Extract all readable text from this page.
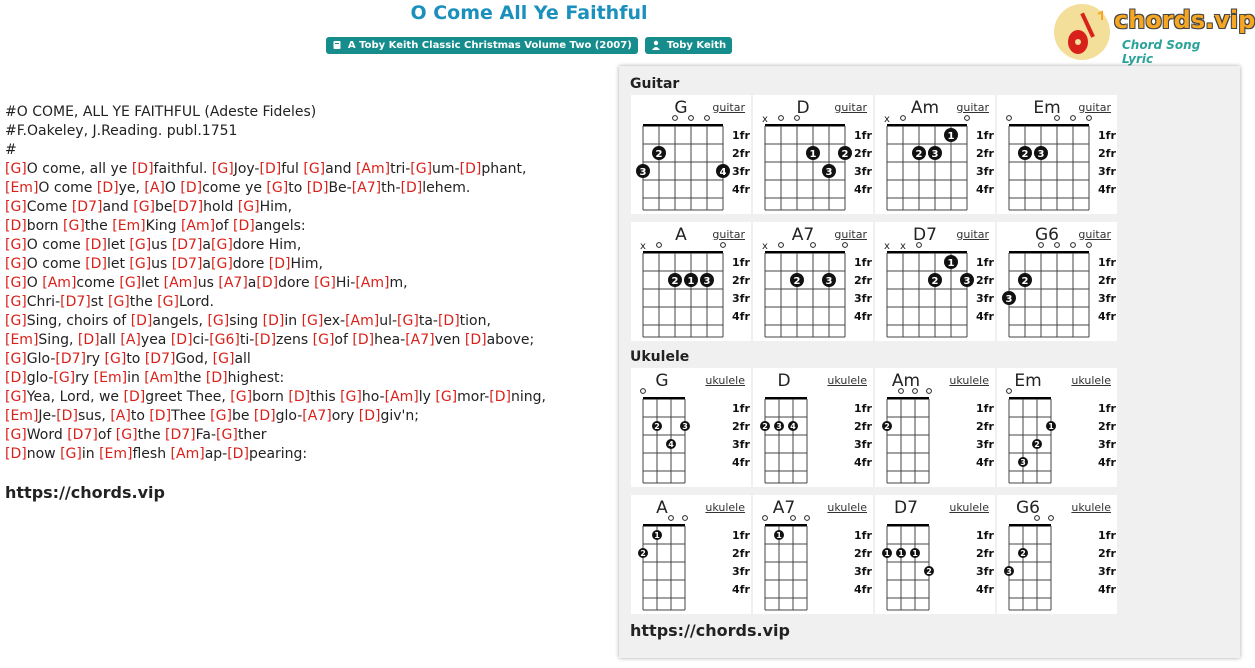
O Come All Ye Faithful
A Toby Keith Classic Christmas Volume Two (2007)
	Toby Keith
chords.vip
Chord Song Lyric
#O COME, ALL YE FAITHFUL (Adeste Fideles)
#F.Oakeley, J.Reading. publ.1751
#
[G]O come, all ye [D]faithful. [G]Joy-[D]ful [G]and [Am]tri-[G]um-[D]phant,
[Em]O come [D]ye, [A]O [D]come ye [G]to [D]Be-[A7]th-[D]lehem.
[G]Come [D7]and [G]be[D7]hold [G]Him,
[D]born [G]the [Em]King [Am]of [D]angels:
[G]O come [D]let [G]us [D7]a[G]dore Him,
[G]O come [D]let [G]us [D7]a[G]dore [D]Him,
[G]O [Am]come [G]let [Am]us [A7]a[D]dore [G]Hi-[Am]m,
[G]Chri-[D7]st [G]the [G]Lord.
[G]Sing, choirs of [D]angels, [G]sing [D]in [G]ex-[Am]ul-[G]ta-[D]tion,
[Em]Sing, [D]all [A]yea [D]ci-[G6]ti-[D]zens [G]of [D]hea-[A7]ven [D]above;
[G]Glo-[D7]ry [G]to [D7]God, [G]all
[D]glo-[G]ry [Em]in [Am]the [D]highest:
[G]Yea, Lord, we [D]greet Thee, [G]born [D]this [G]ho-[Am]ly [G]mor-[D]ning,
[Em]Je-[D]sus, [A]to [D]Thee [G]be [D]glo-[A7]ory [D]giv'n;
[G]Word [D7]of [G]the [D7]Fa-[G]ther
[D]now [G]in [Em]flesh [Am]ap-[D]pearing:
https://chords.vip
Guitar
Ukulele
guitar
G
2
3	4
1fr
2fr
3fr
4fr
guitar
D
x
1	2
3
1fr
2fr
3fr
4fr
guitar
Am
x
1
2 3
1fr
2fr
3fr
4fr
guitar
Em
2 3
1fr
2fr
3fr
4fr
guitar
A
x
2 1 3
1fr
2fr
3fr
4fr
guitar
A7
x
2	3
1fr
2fr
3fr
4fr
guitar
D7
x x
1
2	3
1fr
2fr
3fr
4fr
guitar
G6
2
3
1fr
2fr
3fr
4fr
ukulele
G
2	3
4
1fr
2fr
3fr
4fr
ukulele
D
2 3 4
1fr
2fr
3fr
4fr
ukulele
Am
2
1fr
2fr
3fr
4fr
ukulele
Em
1
2
3
1fr
2fr
3fr
4fr
ukulele
A
1
2
1fr
2fr
3fr
4fr
ukulele
A7
1	1fr
2fr
3fr
4fr
ukulele
D7
1 1 1
2
1fr
2fr
3fr
4fr
ukulele
G6
2
3
1fr
2fr
3fr
4fr
https://chords.vip
